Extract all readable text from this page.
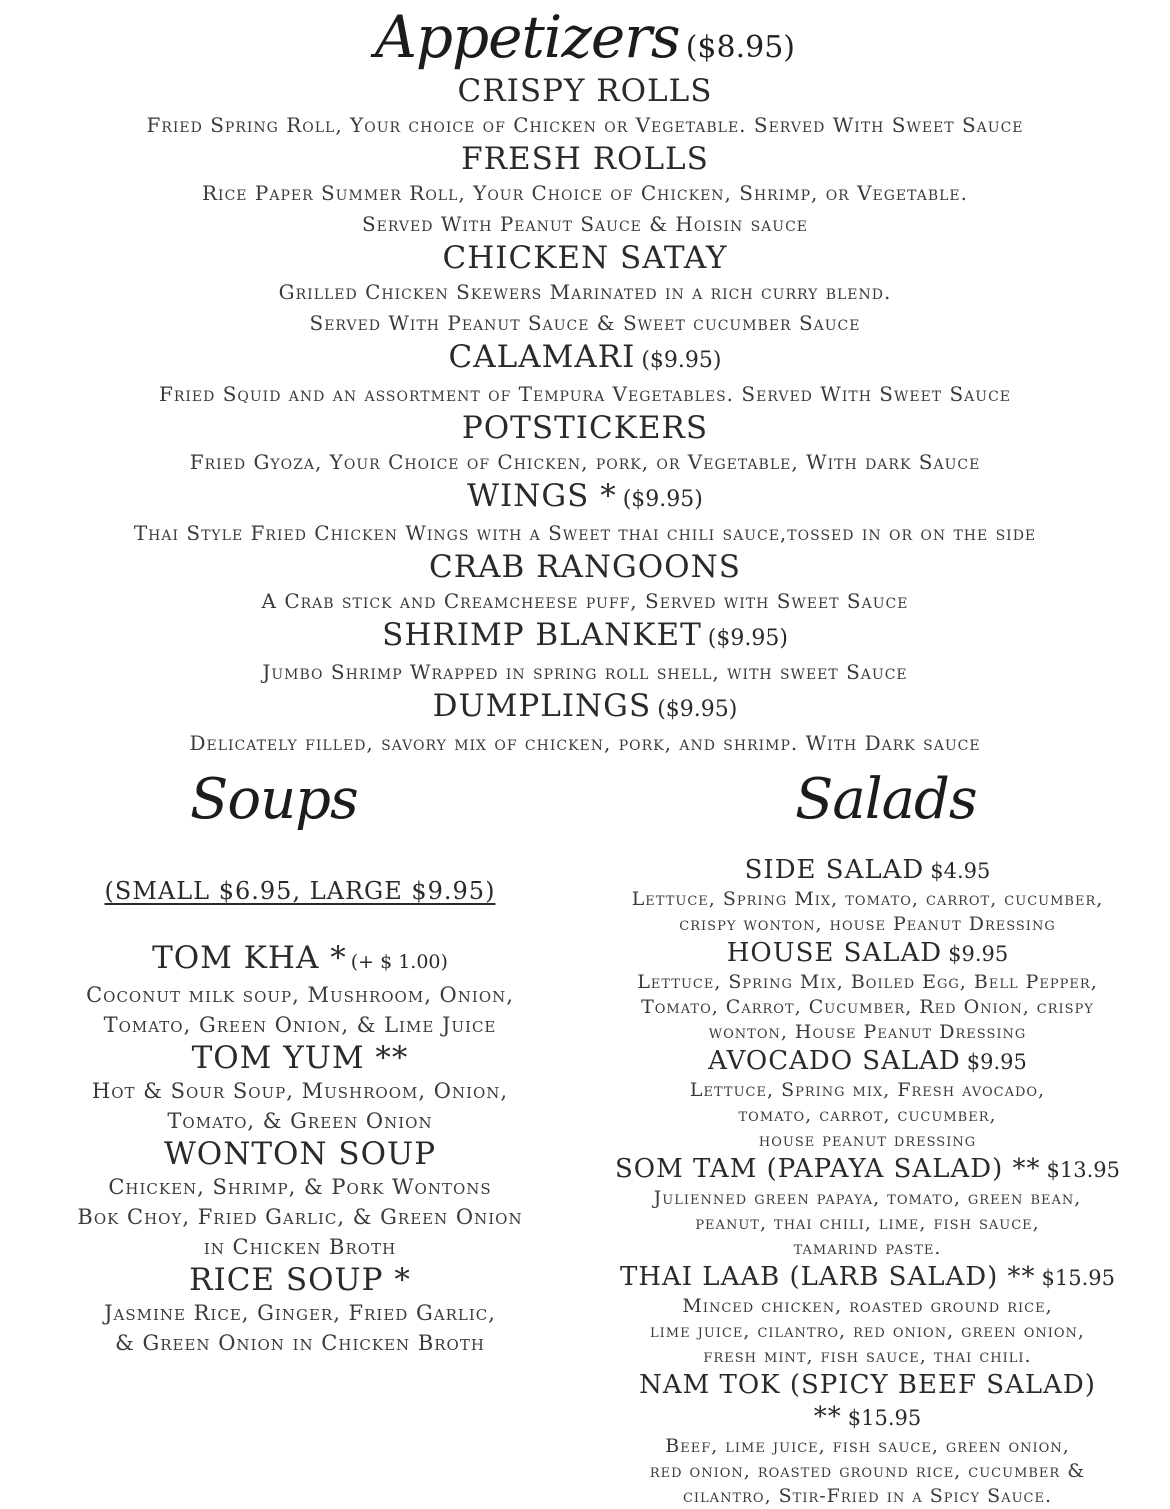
Appetizers ($8.95)
CRISPY ROLLS
Fried Spring Roll, Your choice of Chicken or Vegetable. Served With Sweet Sauce
FRESH ROLLS
Rice Paper Summer Roll, Your Choice of Chicken, Shrimp, or Vegetable.
Served With Peanut Sauce & Hoisin sauce
CHICKEN SATAY
Grilled Chicken Skewers Marinated in a rich curry blend.
Served With Peanut Sauce & Sweet cucumber Sauce
CALAMARI ($9.95)
Fried Squid and an assortment of Tempura Vegetables. Served With Sweet Sauce
POTSTICKERS
Fried Gyoza, Your Choice of Chicken, pork, or Vegetable, With dark Sauce
WINGS * ($9.95)
Thai Style Fried Chicken Wings with a Sweet thai chili sauce,tossed in or on the side
CRAB RANGOONS
A Crab stick and Creamcheese puff, Served with Sweet Sauce
SHRIMP BLANKET ($9.95)
Jumbo Shrimp Wrapped in spring roll shell, with sweet Sauce
DUMPLINGS ($9.95)
Delicately filled, savory mix of chicken, pork, and shrimp. With Dark sauce
Soups
(SMALL $6.95, LARGE $9.95)
TOM KHA * (+ $ 1.00)
Coconut milk soup, Mushroom, Onion,
Tomato, Green Onion, & Lime Juice
TOM YUM **
Hot & Sour Soup, Mushroom, Onion,
Tomato, & Green Onion
WONTON SOUP
Chicken, Shrimp, & Pork Wontons
Bok Choy, Fried Garlic, & Green Onion
in Chicken Broth
RICE SOUP *
Jasmine Rice, Ginger, Fried Garlic,
& Green Onion in Chicken Broth
Salads
SIDE SALAD $4.95
Lettuce, Spring Mix, tomato, carrot, cucumber,
crispy wonton, house Peanut Dressing
HOUSE SALAD $9.95
Lettuce, Spring Mix, Boiled Egg, Bell Pepper,
Tomato, Carrot, Cucumber, Red Onion, crispy
wonton, House Peanut Dressing
AVOCADO SALAD $9.95
Lettuce, Spring mix, Fresh avocado,
tomato, carrot, cucumber,
house peanut dressing
SOM TAM (PAPAYA SALAD) ** $13.95
Julienned green papaya, tomato, green bean,
peanut, thai chili, lime, fish sauce,
tamarind paste.
THAI LAAB (LARB SALAD) ** $15.95
Minced chicken, roasted ground rice,
lime juice, cilantro, red onion, green onion,
fresh mint, fish sauce, thai chili.
NAM TOK (SPICY BEEF SALAD) ** $15.95
Beef, lime juice, fish sauce, green onion,
red onion, roasted ground rice, cucumber &
cilantro, Stir-Fried in a Spicy Sauce.
